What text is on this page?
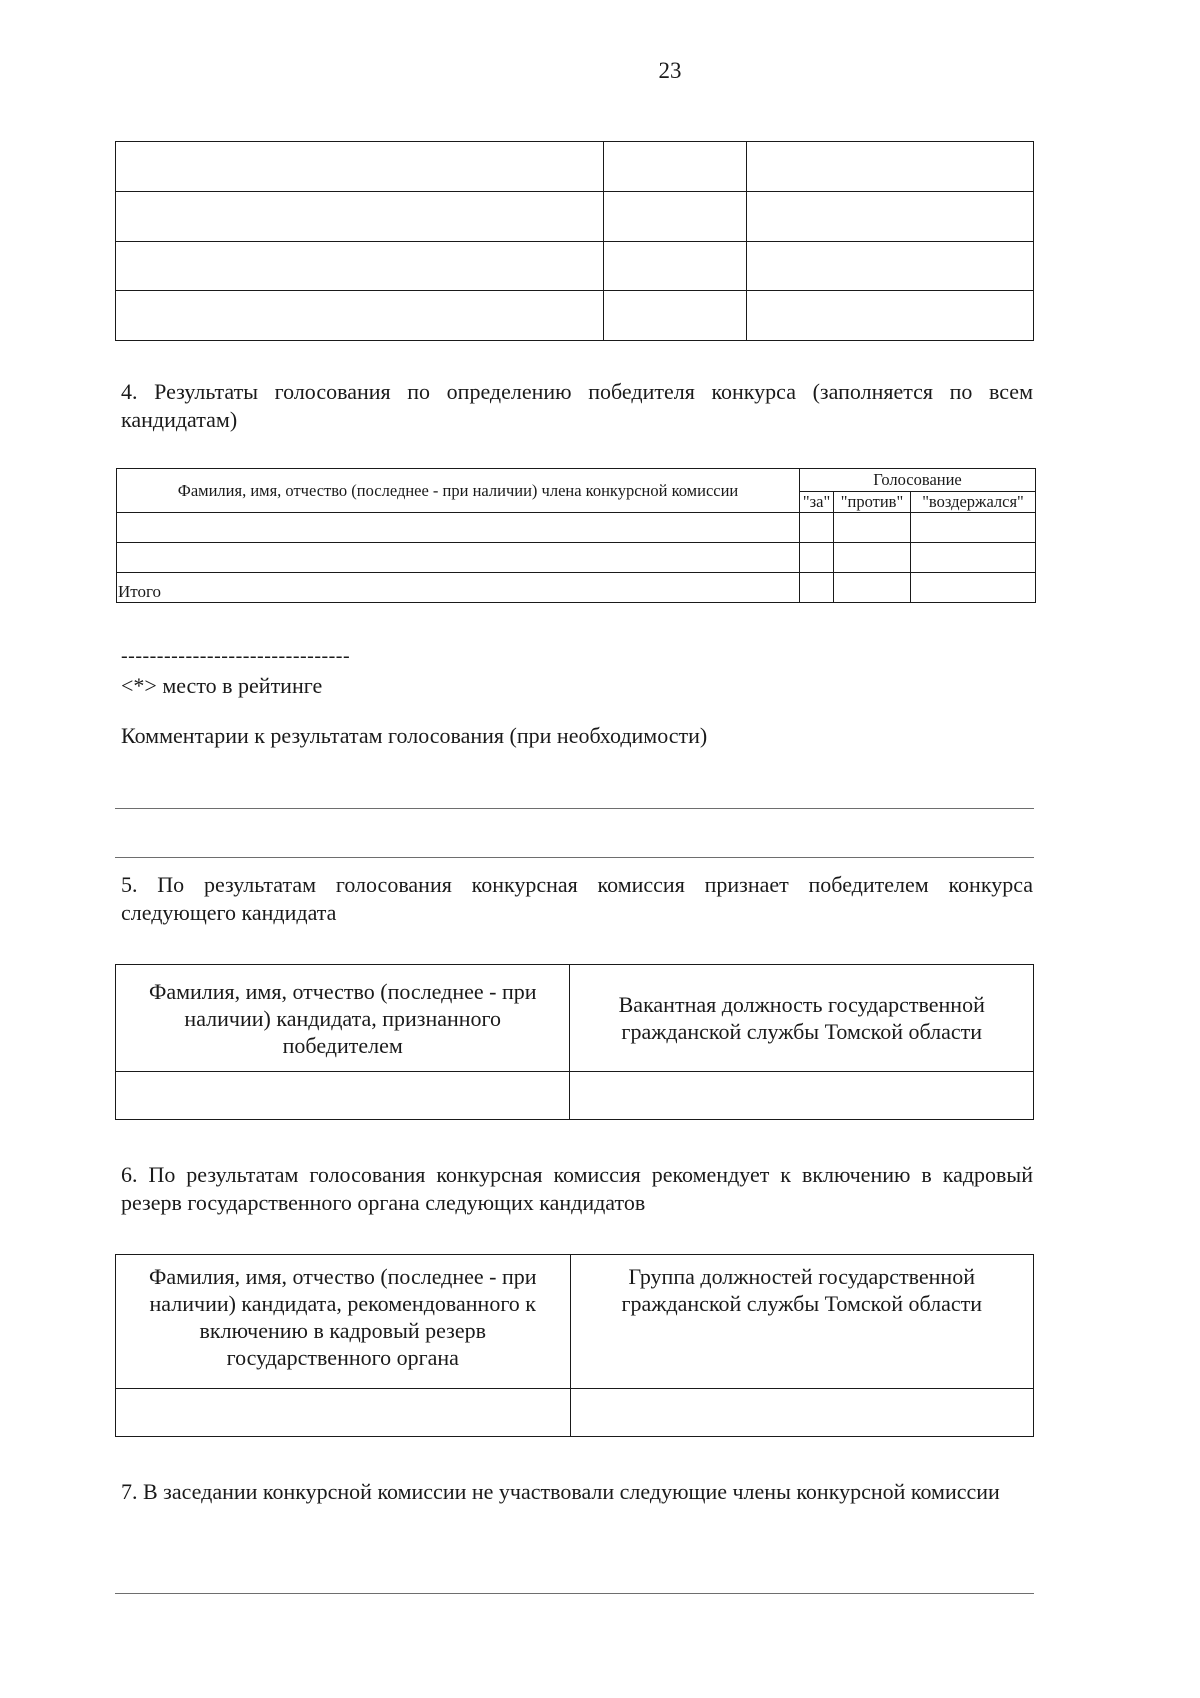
23

4. Результаты голосования по определению победителя конкурса (заполняется по всем кандидатам)
Фамилия, имя, отчество (последнее - при наличии) члена конкурсной комиссии	Голосование		
	"за"	"против"	"воздержался"

Итого			
--------------------------------
<*> место в рейтинге
Комментарии к результатам голосования (при необходимости)
5. По результатам голосования конкурсная комиссия признает победителем конкурса следующего кандидата
Фамилия, имя, отчество (последнее - при наличии) кандидата, признанного победителем	Вакантная должность государственной гражданской службы Томской области

6. По результатам голосования конкурсная комиссия рекомендует к включению в кадровый резерв государственного органа следующих кандидатов
Фамилия, имя, отчество (последнее - при наличии) кандидата, рекомендованного к включению в кадровый резерв государственного органа	Группа должностей государственной гражданской службы Томской области

7. В заседании конкурсной комиссии не участвовали следующие члены конкурсной комиссии
